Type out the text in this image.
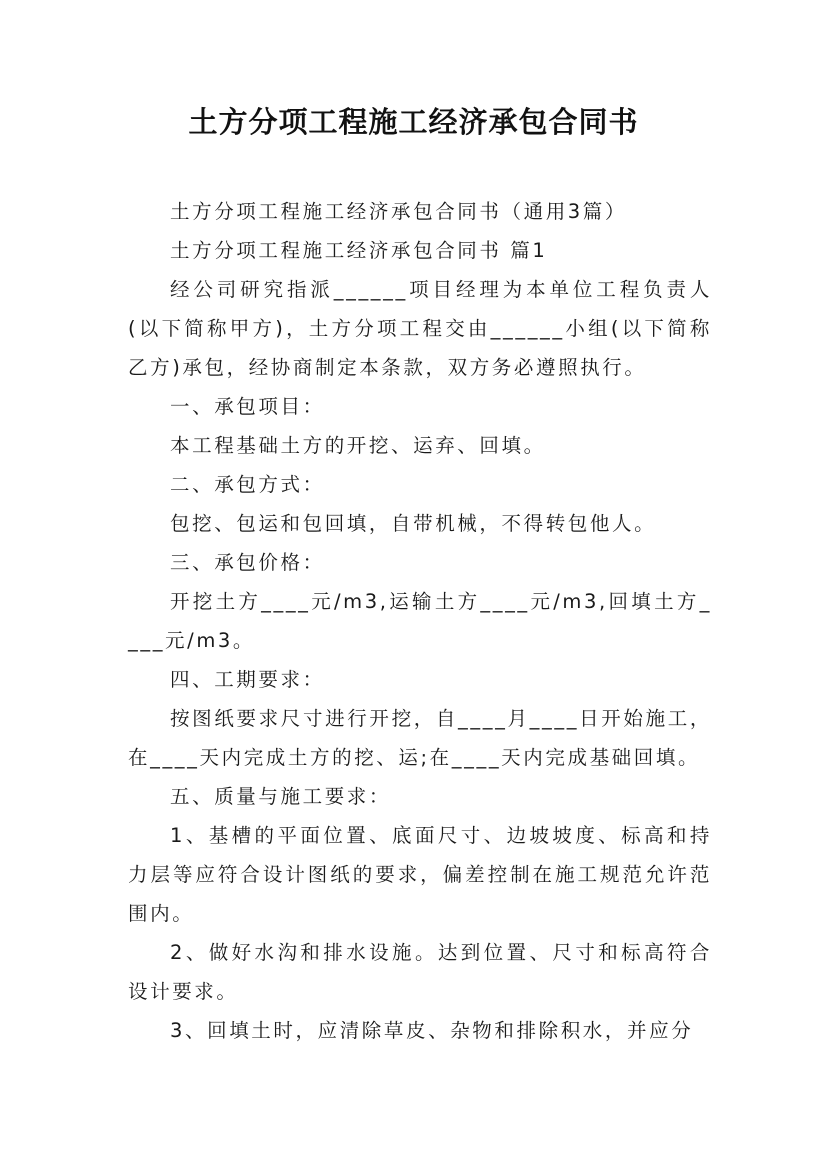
土方分项工程施工经济承包合同书

土方分项工程施工经济承包合同书（通用3篇）

土方分项工程施工经济承包合同书 篇1

经公司研究指派______项目经理为本单位工程负责人(以下简称甲方)，土方分项工程交由______小组(以下简称乙方)承包，经协商制定本条款，双方务必遵照执行。

一、承包项目：

本工程基础土方的开挖、运弃、回填。

二、承包方式：

包挖、包运和包回填，自带机械，不得转包他人。

三、承包价格：

开挖土方____元/m3,运输土方____元/m3,回填土方____元/m3。

四、工期要求：

按图纸要求尺寸进行开挖，自____月____日开始施工，在____天内完成土方的挖、运;在____天内完成基础回填。

五、质量与施工要求：

1、基槽的平面位置、底面尺寸、边坡坡度、标高和持力层等应符合设计图纸的要求，偏差控制在施工规范允许范围内。

2、做好水沟和排水设施。达到位置、尺寸和标高符合设计要求。

3、回填土时，应清除草皮、杂物和排除积水，并应分
